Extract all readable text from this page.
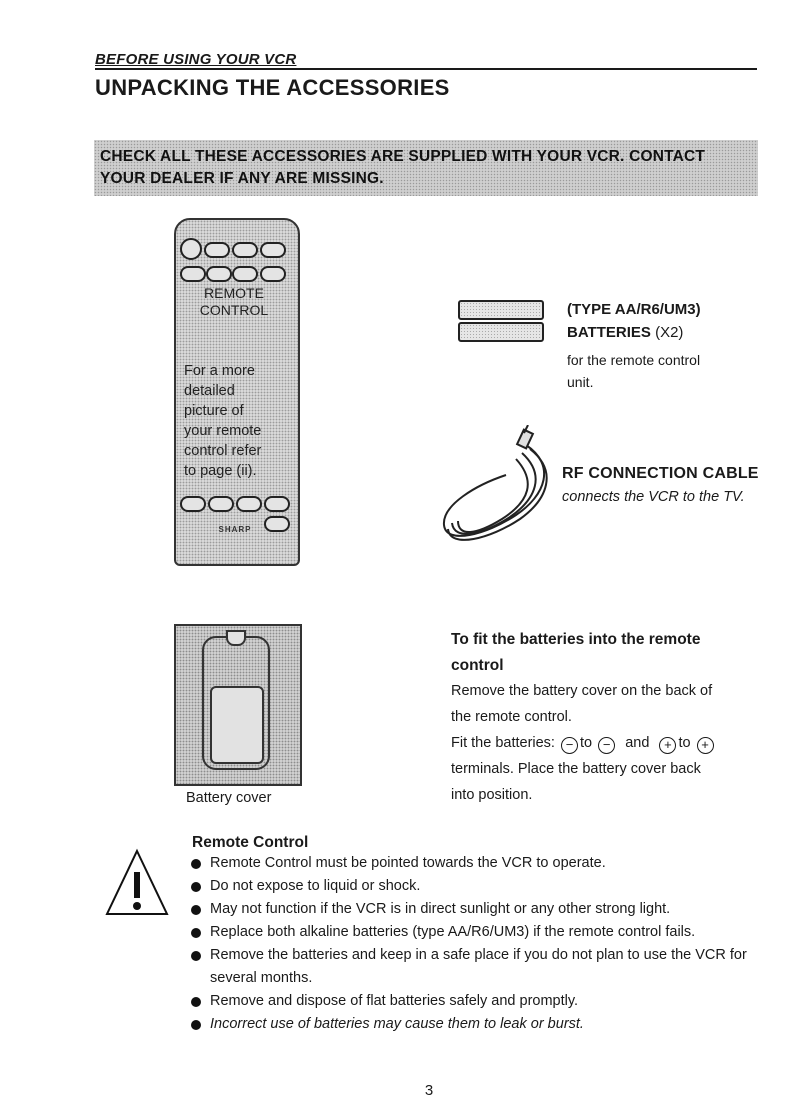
BEFORE USING YOUR VCR
UNPACKING THE ACCESSORIES
CHECK ALL THESE ACCESSORIES ARE SUPPLIED WITH YOUR VCR. CONTACT
YOUR DEALER IF ANY ARE MISSING.
REMOTE
CONTROL
For a more
detailed
picture of
your remote
control refer
to page (ii).
SHARP
(TYPE AA/R6/UM3)
BATTERIES (X2)
for the remote control
unit.
RF CONNECTION CABLE
connects the VCR to the TV.
Battery cover
To fit the batteries into the remote
control
Remove the battery cover on the back of
the remote control.
Fit the batteries: − to − and + to +
terminals. Place the battery cover back
into position.
Remote Control
Remote Control must be pointed towards the VCR to operate.
Do not expose to liquid or shock.
May not function if the VCR is in direct sunlight or any other strong light.
Replace both alkaline batteries (type AA/R6/UM3) if the remote control fails.
Remove the batteries and keep in a safe place if you do not plan to use the VCR for several months.
Remove and dispose of flat batteries safely and promptly.
Incorrect use of batteries may cause them to leak or burst.
3
